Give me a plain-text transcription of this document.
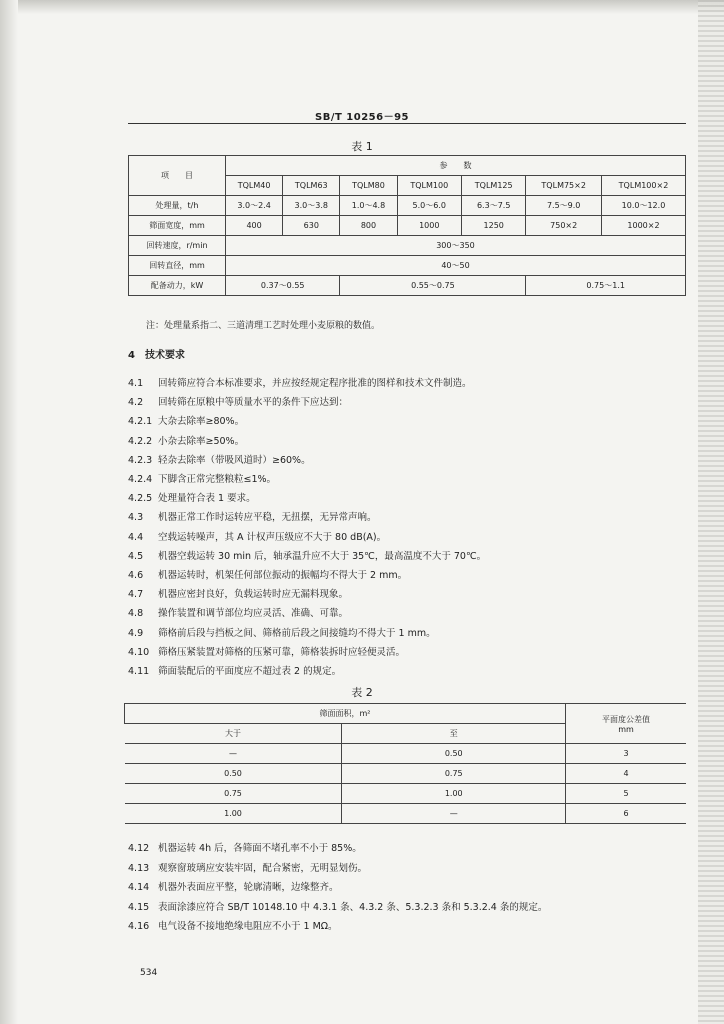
SB/T 10256－95
表 1
项　　目	参　　数						
	TQLM40	TQLM63	TQLM80	TQLM100	TQLM125	TQLM75×2	TQLM100×2
处理量，t/h	3.0～2.4	3.0～3.8	1.0～4.8	5.0～6.0	6.3～7.5	7.5～9.0	10.0～12.0
筛面宽度，mm	400	630	800	1000	1250	750×2	1000×2
回转速度，r/min	300～350						
回转直径，mm	40～50						
配备动力，kW	0.37～0.55		0.55～0.75			0.75～1.1	
注：处理量系指二、三道清理工艺时处理小麦原粮的数值。
4　技术要求
4.1 回转筛应符合本标准要求，并应按经规定程序批准的图样和技术文件制造。
4.2 回转筛在原粮中等质量水平的条件下应达到：
4.2.1 大杂去除率≥80%。
4.2.2 小杂去除率≥50%。
4.2.3 轻杂去除率（带吸风道时）≥60%。
4.2.4 下脚含正常完整粮粒≤1%。
4.2.5 处理量符合表 1 要求。
4.3 机器正常工作时运转应平稳，无扭摆，无异常声响。
4.4 空载运转噪声，其 A 计权声压级应不大于 80 dB(A)。
4.5 机器空载运转 30 min 后，轴承温升应不大于 35℃，最高温度不大于 70℃。
4.6 机器运转时，机架任何部位振动的振幅均不得大于 2 mm。
4.7 机器应密封良好，负载运转时应无漏料现象。
4.8 操作装置和调节部位均应灵活、准确、可靠。
4.9 筛格前后段与挡板之间、筛格前后段之间接缝均不得大于 1 mm。
4.10 筛格压紧装置对筛格的压紧可靠，筛格装拆时应轻便灵活。
4.11 筛面装配后的平面度应不超过表 2 的规定。
表 2
筛面面积，m²		平面度公差值
mm

大于	至	
—	0.50	3
0.50	0.75	4
0.75	1.00	5
1.00	—	6
4.12 机器运转 4h 后，各筛面不堵孔率不小于 85%。
4.13 观察窗玻璃应安装牢固，配合紧密，无明显划伤。
4.14 机器外表面应平整，轮廓清晰，边缘整齐。
4.15 表面涂漆应符合 SB/T 10148.10 中 4.3.1 条、4.3.2 条、5.3.2.3 条和 5.3.2.4 条的规定。
4.16 电气设备不接地绝缘电阻应不小于 1 MΩ。
534
